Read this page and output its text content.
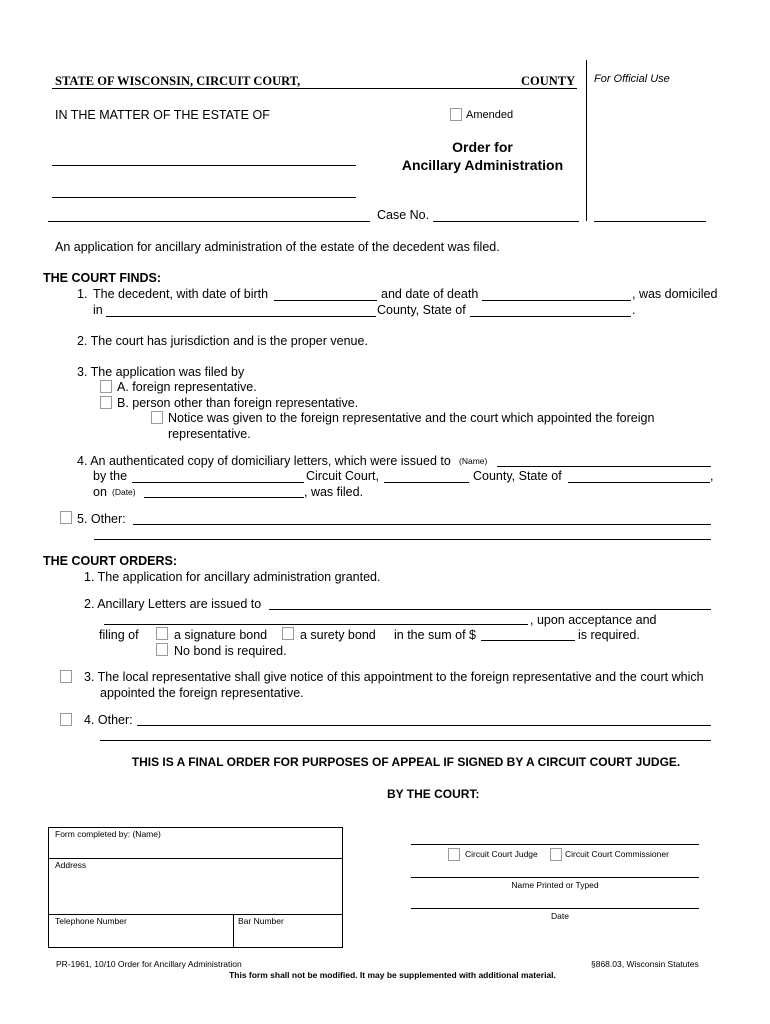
STATE OF WISCONSIN, CIRCUIT COURT,	COUNTY For Official Use
IN THE MATTER OF THE ESTATE OF	Amended
Order for
Ancillary Administration
Case No.
An application for ancillary administration of the estate of the decedent was filed.
THE COURT FINDS:
1. The decedent, with date of birth	and date of death	, was domiciled
in	County, State of	.
2. The court has jurisdiction and is the proper venue.
3. The application was filed by
A. foreign representative.
B. person other than foreign representative.
Notice was given to the foreign representative and the court which appointed the foreign
representative.
4. An authenticated copy of domiciliary letters, which were issued to (Name)
by the	Circuit Court,	County, State of	,
on (Date)	, was filed.
5. Other:
THE COURT ORDERS:
1. The application for ancillary administration granted.
2. Ancillary Letters are issued to
, upon acceptance and
filing of	a signature bond	a surety bond in the sum of $	is required.
No bond is required.
3. The local representative shall give notice of this appointment to the foreign representative and the court which
appointed the foreign representative.
4. Other:
THIS IS A FINAL ORDER FOR PURPOSES OF APPEAL IF SIGNED BY A CIRCUIT COURT JUDGE.
BY THE COURT:
Form completed by: (Name)
Address
Telephone Number	Bar Number
Circuit Court Judge	Circuit Court Commissioner
Name Printed or Typed
Date
PR-1961, 10/10 Order for Ancillary Administration	§868.03, Wisconsin Statutes
This form shall not be modified. It may be supplemented with additional material.
